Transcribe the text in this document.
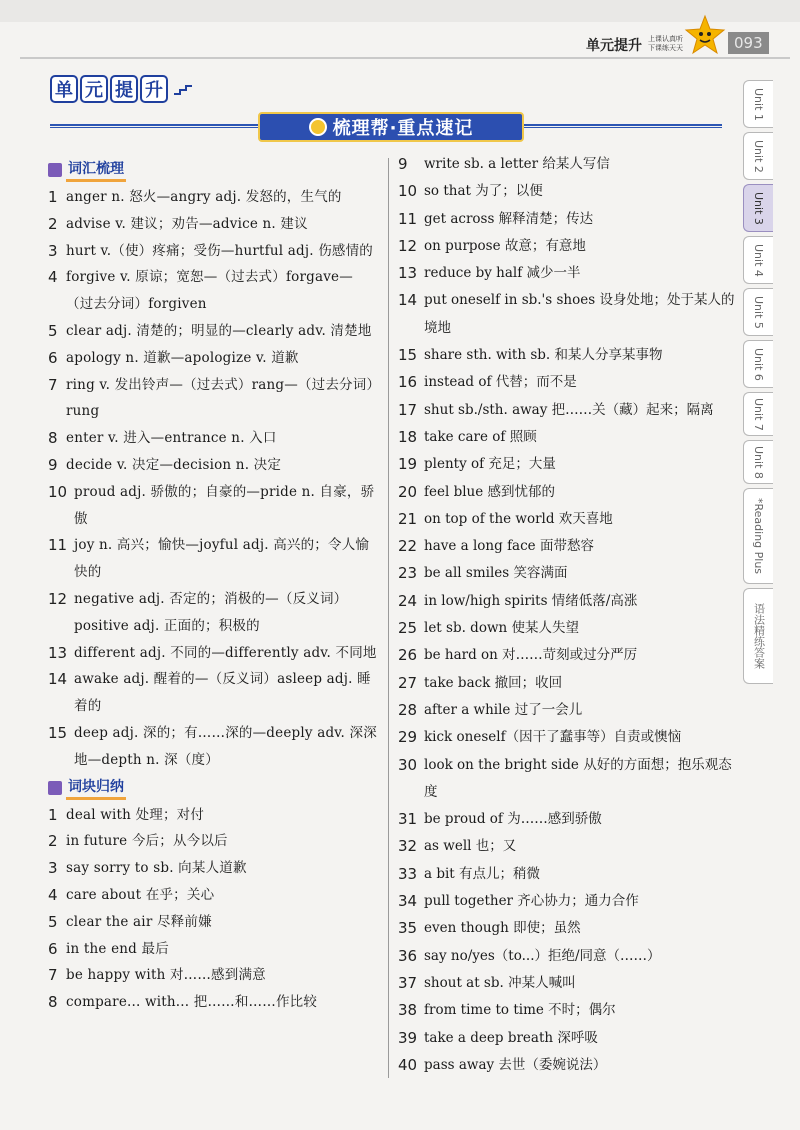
单元提升 上课认真听
下课练天天	093
单 元 提 升
梳理帮·重点速记
词汇梳理
1 anger n. 怒火—angry adj. 发怒的，生气的
2 advise v. 建议；劝告—advice n. 建议
3 hurt v.（使）疼痛；受伤—hurtful adj. 伤感情的
4 forgive v. 原谅；宽恕—（过去式）forgave—（过去分词）forgiven
5 clear adj. 清楚的；明显的—clearly adv. 清楚地
6 apology n. 道歉—apologize v. 道歉
7 ring v. 发出铃声—（过去式）rang—（过去分词）rung
8 enter v. 进入—entrance n. 入口
9 decide v. 决定—decision n. 决定
10 proud adj. 骄傲的；自豪的—pride n. 自豪，骄傲
11 joy n. 高兴；愉快—joyful adj. 高兴的；令人愉快的
12 negative adj. 否定的；消极的—（反义词）positive adj. 正面的；积极的
13 different adj. 不同的—differently adv. 不同地
14 awake adj. 醒着的—（反义词）asleep adj. 睡着的
15 deep adj. 深的；有……深的—deeply adv. 深深地—depth n. 深（度）
词块归纳
1 deal with 处理；对付
2 in future 今后；从今以后
3 say sorry to sb. 向某人道歉
4 care about 在乎；关心
5 clear the air 尽释前嫌
6 in the end 最后
7 be happy with 对……感到满意
8 compare... with... 把……和……作比较
9	write sb. a letter 给某人写信
10 so that 为了；以便
11 get across 解释清楚；传达
12 on purpose 故意；有意地
13 reduce by half 减少一半
14 put oneself in sb.'s shoes 设身处地；处于某人的境地
15 share sth. with sb. 和某人分享某事物
16 instead of 代替；而不是
17 shut sb./sth. away 把……关（藏）起来；隔离
18 take care of 照顾
19 plenty of 充足；大量
20 feel blue 感到忧郁的
21 on top of the world 欢天喜地
22 have a long face 面带愁容
23 be all smiles 笑容满面
24 in low/high spirits 情绪低落/高涨
25 let sb. down 使某人失望
26 be hard on 对……苛刻或过分严厉
27 take back 撤回；收回
28 after a while 过了一会儿
29 kick oneself（因干了蠢事等）自责或懊恼
30 look on the bright side 从好的方面想；抱乐观态度
31 be proud of 为……感到骄傲
32 as well 也；又
33 a bit 有点儿；稍微
34 pull together 齐心协力；通力合作
35 even though 即使；虽然
36 say no/yes（to...）拒绝/同意（……）
37 shout at sb. 冲某人喊叫
38 from time to time 不时；偶尔
39 take a deep breath 深呼吸
40 pass away 去世（委婉说法）
Unit 1
Unit 2
Unit 3
Unit 4
Unit 5
Unit 6
Unit 7
Unit 8
*Reading Plus
语法精练答案
